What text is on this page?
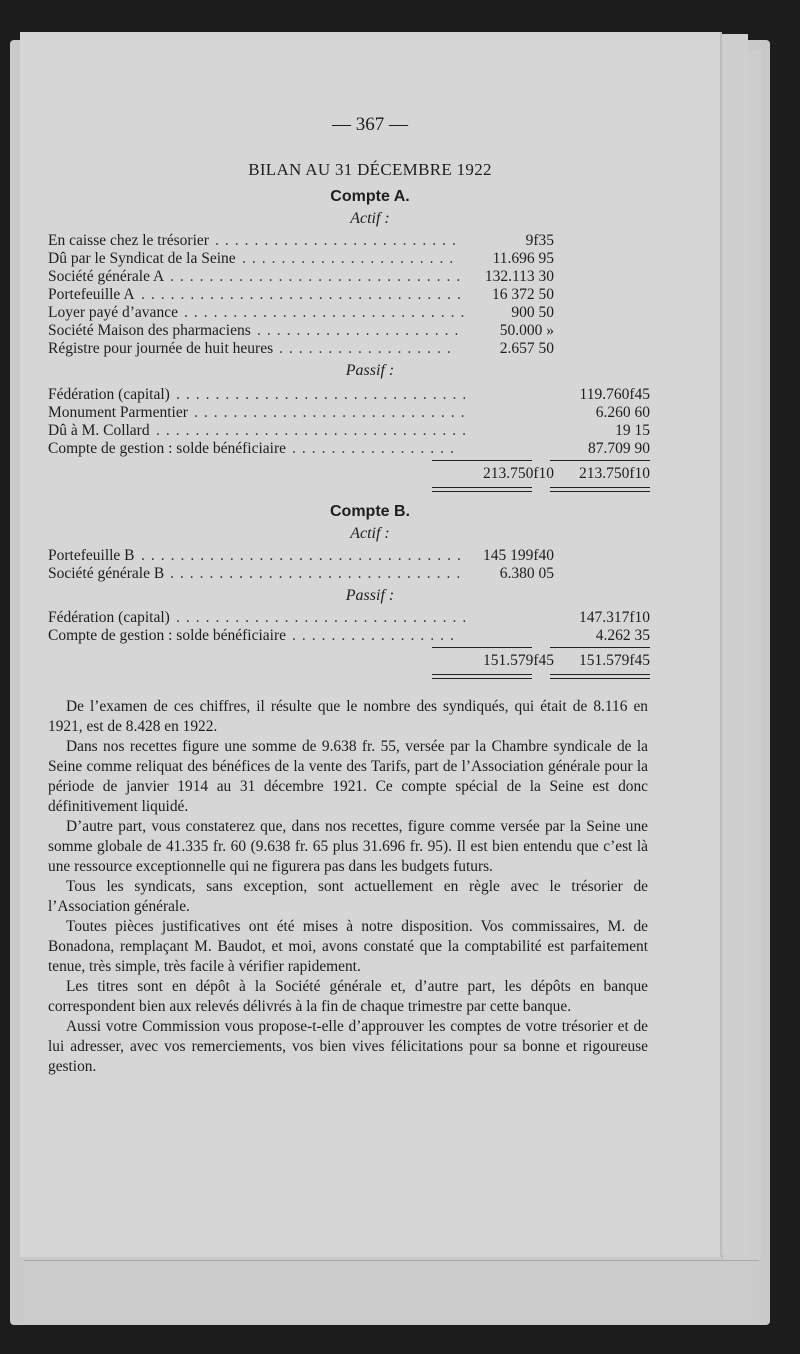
— 367 —
BILAN AU 31 DÉCEMBRE 1922
Compte A.
Actif :
En caisse chez le trésorier	9f35
.........................
Dû par le Syndicat de la Seine	11.696 95
......................
Société générale A	132.113 30
..............................
Portefeuille A	16 372 50
.................................
Loyer payé d’avance	900 50
.............................
Société Maison des pharmaciens	50.000 »
.....................
Régistre pour journée de huit heures	2.657 50
..................
Passif :
Fédération (capital)	119.760f45
..............................
Monument Parmentier	6.260 60
............................
Dû à M. Collard	19 15
................................
Compte de gestion : solde bénéficiaire	87.709 90
.................
213.750f10 213.750f10
Compte B.
Actif :
Portefeuille B	145 199f40
.................................
Société générale B	6.380 05
..............................
Passif :
Fédération (capital)	147.317f10
..............................
Compte de gestion : solde bénéficiaire	4.262 35
.................
151.579f45 151.579f45

De l’examen de ces chiffres, il résulte que le nombre des syndiqués, qui était de 8.116 en 1921, est de 8.428 en 1922.

Dans nos recettes figure une somme de 9.638 fr. 55, versée par la Chambre syndicale de la Seine comme reliquat des bénéfices de la vente des Tarifs, part de l’Association générale pour la période de janvier 1914 au 31 décembre 1921. Ce compte spécial de la Seine est donc définitivement liquidé.

D’autre part, vous constaterez que, dans nos recettes, figure comme versée par la Seine une somme globale de 41.335 fr. 60 (9.638 fr. 65 plus 31.696 fr. 95). Il est bien entendu que c’est là une ressource exceptionnelle qui ne figurera pas dans les budgets futurs.

Tous les syndicats, sans exception, sont actuellement en règle avec le trésorier de l’Association générale.

Toutes pièces justificatives ont été mises à notre disposition. Vos commissaires, M. de Bonadona, remplaçant M. Baudot, et moi, avons constaté que la comptabilité est parfaitement tenue, très simple, très facile à vérifier rapidement.

Les titres sont en dépôt à la Société générale et, d’autre part, les dépôts en banque correspondent bien aux relevés délivrés à la fin de chaque trimestre par cette banque.

Aussi votre Commission vous propose-t-elle d’approuver les comptes de votre trésorier et de lui adresser, avec vos remerciements, vos bien vives félicitations pour sa bonne et rigoureuse gestion.
